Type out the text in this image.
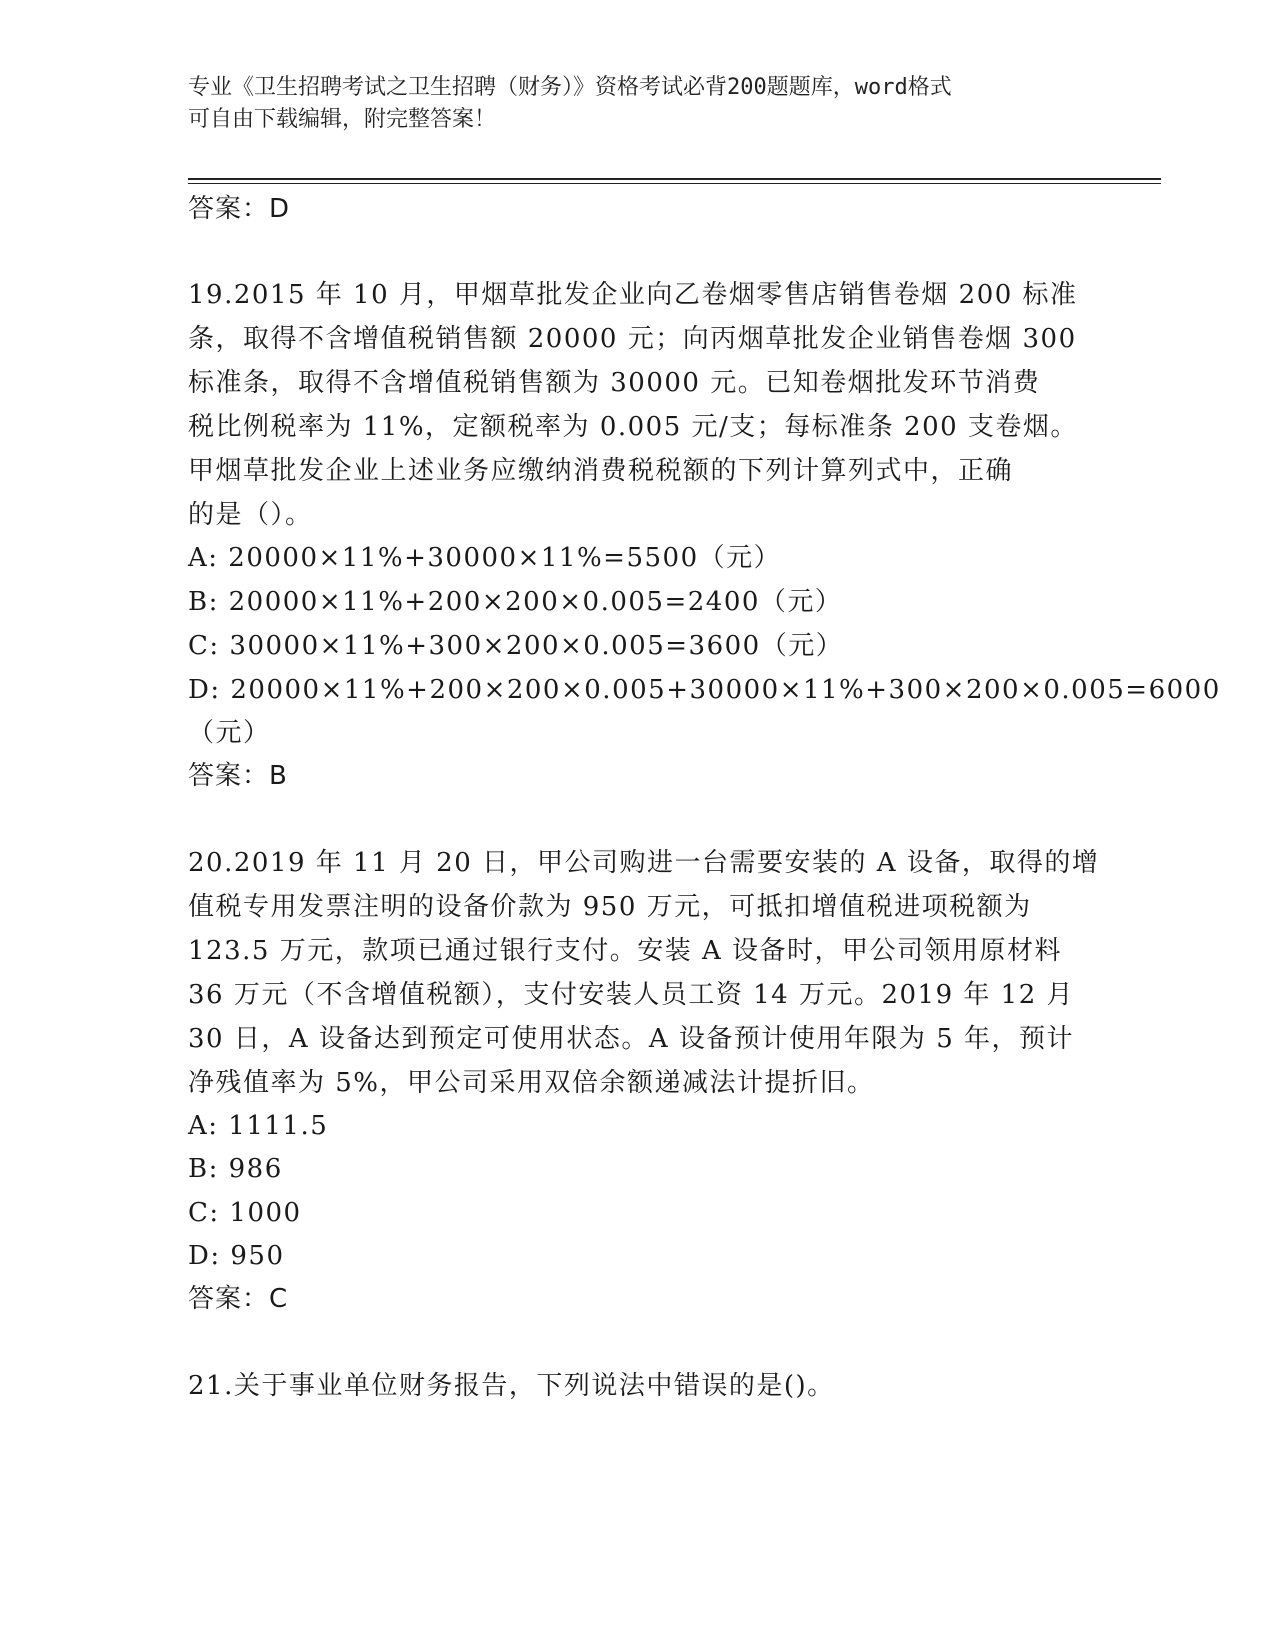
专业《卫生招聘考试之卫生招聘（财务）》资格考试必背200题题库，word格式
可自由下载编辑，附完整答案！
答案：D
19.2015 年 10 月，甲烟草批发企业向乙卷烟零售店销售卷烟 200 标准
条，取得不含增值税销售额 20000 元；向丙烟草批发企业销售卷烟 300
标准条，取得不含增值税销售额为 30000 元。已知卷烟批发环节消费
税比例税率为 11%，定额税率为 0.005 元/支；每标准条 200 支卷烟。
甲烟草批发企业上述业务应缴纳消费税税额的下列计算列式中，正确
的是（）。
A: 20000×11%+30000×11%=5500（元）
B: 20000×11%+200×200×0.005=2400（元）
C: 30000×11%+300×200×0.005=3600（元）
D: 20000×11%+200×200×0.005+30000×11%+300×200×0.005=6000
（元）
答案：B
20.2019 年 11 月 20 日，甲公司购进一台需要安装的 A 设备，取得的增
值税专用发票注明的设备价款为 950 万元，可抵扣增值税进项税额为
123.5 万元，款项已通过银行支付。安装 A 设备时，甲公司领用原材料
36 万元（不含增值税额），支付安装人员工资 14 万元。2019 年 12 月
30 日，A 设备达到预定可使用状态。A 设备预计使用年限为 5 年，预计
净残值率为 5%，甲公司采用双倍余额递减法计提折旧。
A: 1111.5
B: 986
C: 1000
D: 950
答案：C
21.关于事业单位财务报告，下列说法中错误的是()。
